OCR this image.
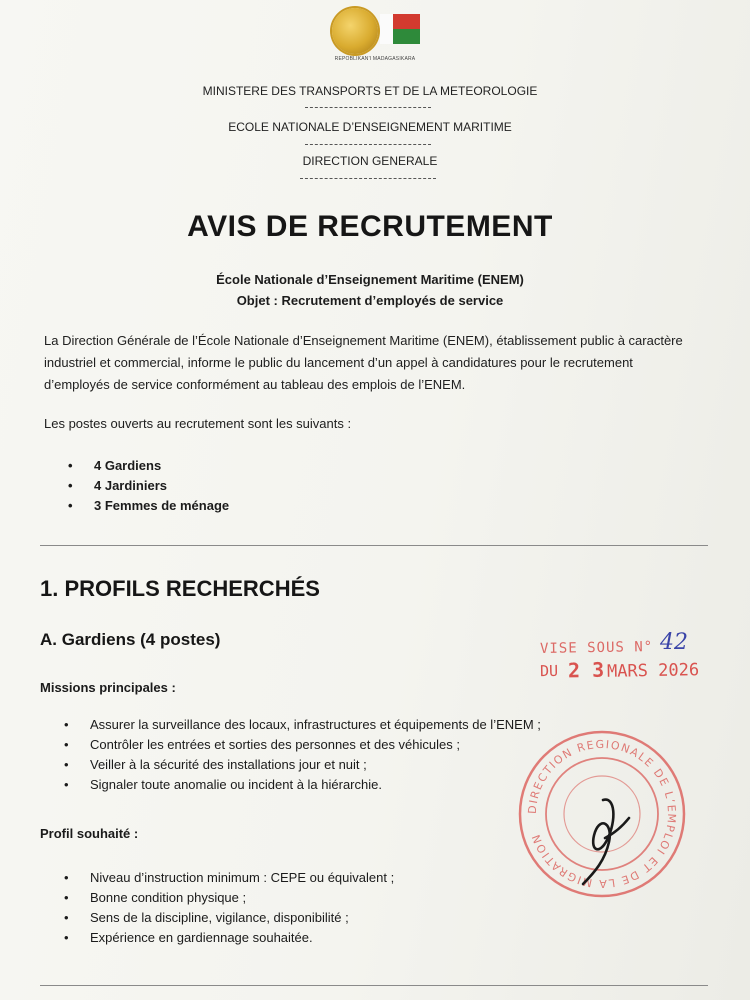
REPOBLIKAN'I MADAGASIKARA
MINISTERE DES TRANSPORTS ET DE LA METEOROLOGIE
ECOLE NATIONALE D’ENSEIGNEMENT MARITIME
DIRECTION GENERALE
AVIS DE RECRUTEMENT
École Nationale d’Enseignement Maritime (ENEM)
Objet : Recrutement d’employés de service
La Direction Générale de l’École Nationale d’Enseignement Maritime (ENEM), établissement public à caractère industriel et commercial, informe le public du lancement d’un appel à candidatures pour le recrutement d’employés de service conformément au tableau des emplois de l’ENEM.
Les postes ouverts au recrutement sont les suivants :
• 4 Gardiens
• 4 Jardiniers
• 3 Femmes de ménage
1. PROFILS RECHERCHÉS
A. Gardiens (4 postes)
Missions principales :
• Assurer la surveillance des locaux, infrastructures et équipements de l’ENEM ;
• Contrôler les entrées et sorties des personnes et des véhicules ;
• Veiller à la sécurité des installations jour et nuit ;
• Signaler toute anomalie ou incident à la hiérarchie.
Profil souhaité :
• Niveau d’instruction minimum : CEPE ou équivalent ;
• Bonne condition physique ;
• Sens de la discipline, vigilance, disponibilité ;
• Expérience en gardiennage souhaitée.
VISE SOUS N° 42
DU 2 3 MARS 2026
DIRECTION REGIONALE DE L’EMPLOI ET DE LA MIGRATION
